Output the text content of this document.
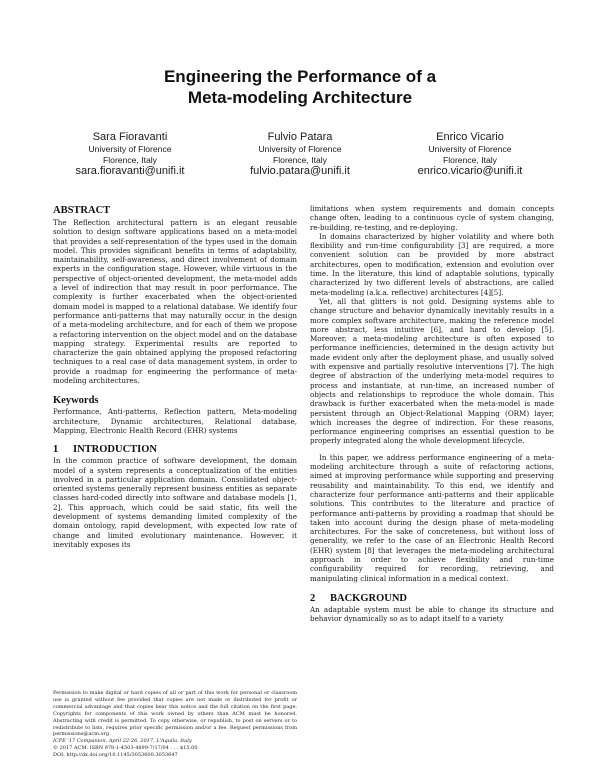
Engineering the Performance of a
Meta-modeling Architecture
Sara Fioravanti
University of Florence
Florence, Italy
sara.fioravanti@unifi.it
Fulvio Patara
University of Florence
Florence, Italy
fulvio.patara@unifi.it
Enrico Vicario
University of Florence
Florence, Italy
enrico.vicario@unifi.it
ABSTRACT

The Reflection architectural pattern is an elegant reusable solution to design software applications based on a meta-model that provides a self-representation of the types used in the domain model. This provides significant benefits in terms of adaptability, maintainability, self-awareness, and direct involvement of domain experts in the configuration stage. However, while virtuous in the perspective of object-oriented development, the meta-model adds a level of indirection that may result in poor performance. The complexity is further exacerbated when the object-oriented domain model is mapped to a relational database. We identify four performance anti-patterns that may naturally occur in the design of a meta-modeling architecture, and for each of them we propose a refactoring intervention on the object model and on the database mapping strategy. Experimental results are reported to characterize the gain obtained applying the proposed refactoring techniques to a real case of data management system, in order to provide a roadmap for engineering the performance of meta-modeling architectures.

Keywords

Performance, Anti-patterns, Reflection pattern, Meta-modeling architecture, Dynamic architectures, Relational database, Mapping, Electronic Health Record (EHR) systems

1 INTRODUCTION

In the common practice of software development, the domain model of a system represents a conceptualization of the entities involved in a particular application domain. Consolidated object-oriented systems generally represent business entities as separate classes hard-coded directly into software and database models [1, 2]. This approach, which could be said static, fits well the development of systems demanding limited complexity of the domain ontology, rapid development, with expected low rate of change and limited evolutionary maintenance. However, it inevitably exposes its

Permission to make digital or hard copies of all or part of this work for personal or classroom use is granted without fee provided that copies are not made or distributed for profit or commercial advantage and that copies bear this notice and the full citation on the first page. Copyrights for components of this work owned by others than ACM must be honored. Abstracting with credit is permitted. To copy otherwise, or republish, to post on servers or to redistribute to lists, requires prior specific permission and/or a fee. Request permissions from permissions@acm.org.

ICPE '17 Companion, April 22-26, 2017, L'Aquila, Italy

© 2017 ACM. ISBN 978-1-4503-4899-7/17/04 . . . $15.00

DOI: http://dx.doi.org/10.1145/3053600.3053647

limitations when system requirements and domain concepts change often, leading to a continuous cycle of system changing, re-building, re-testing, and re-deploying.

In domains characterized by higher volatility and where both flexibility and run-time configurability [3] are required, a more convenient solution can be provided by more abstract architectures, open to modification, extension and evolution over time. In the literature, this kind of adaptable solutions, typically characterized by two different levels of abstractions, are called meta-modeling (a.k.a. reflective) architectures [4][5].

Yet, all that glitters is not gold. Designing systems able to change structure and behavior dynamically inevitably results in a more complex software architecture, making the reference model more abstract, less intuitive [6], and hard to develop [5]. Moreover, a meta-modeling architecture is often exposed to performance inefficiencies, determined in the design activity but made evident only after the deployment phase, and usually solved with expensive and partially resolutive interventions [7]. The high degree of abstraction of the underlying meta-model requires to process and instantiate, at run-time, an increased number of objects and relationships to reproduce the whole domain. This drawback is further exacerbated when the meta-model is made persistent through an Object-Relational Mapping (ORM) layer, which increases the degree of indirection. For these reasons, performance engineering comprises an essential question to be properly integrated along the whole development lifecycle.

In this paper, we address performance engineering of a meta-modeling architecture through a suite of refactoring actions, aimed at improving performance while supporting and preserving reusability and maintainability. To this end, we identify and characterize four performance anti-patterns and their applicable solutions. This contributes to the literature and practice of performance anti-patterns by providing a roadmap that should be taken into account during the design phase of meta-modeling architectures. For the sake of concreteness, but without loss of generality, we refer to the case of an Electronic Health Record (EHR) system [8] that leverages the meta-modeling architectural approach in order to achieve flexibility and run-time configurability required for recording, retrieving, and manipulating clinical information in a medical context.

2 BACKGROUND

An adaptable system must be able to change its structure and behavior dynamically so as to adapt itself to a variety
